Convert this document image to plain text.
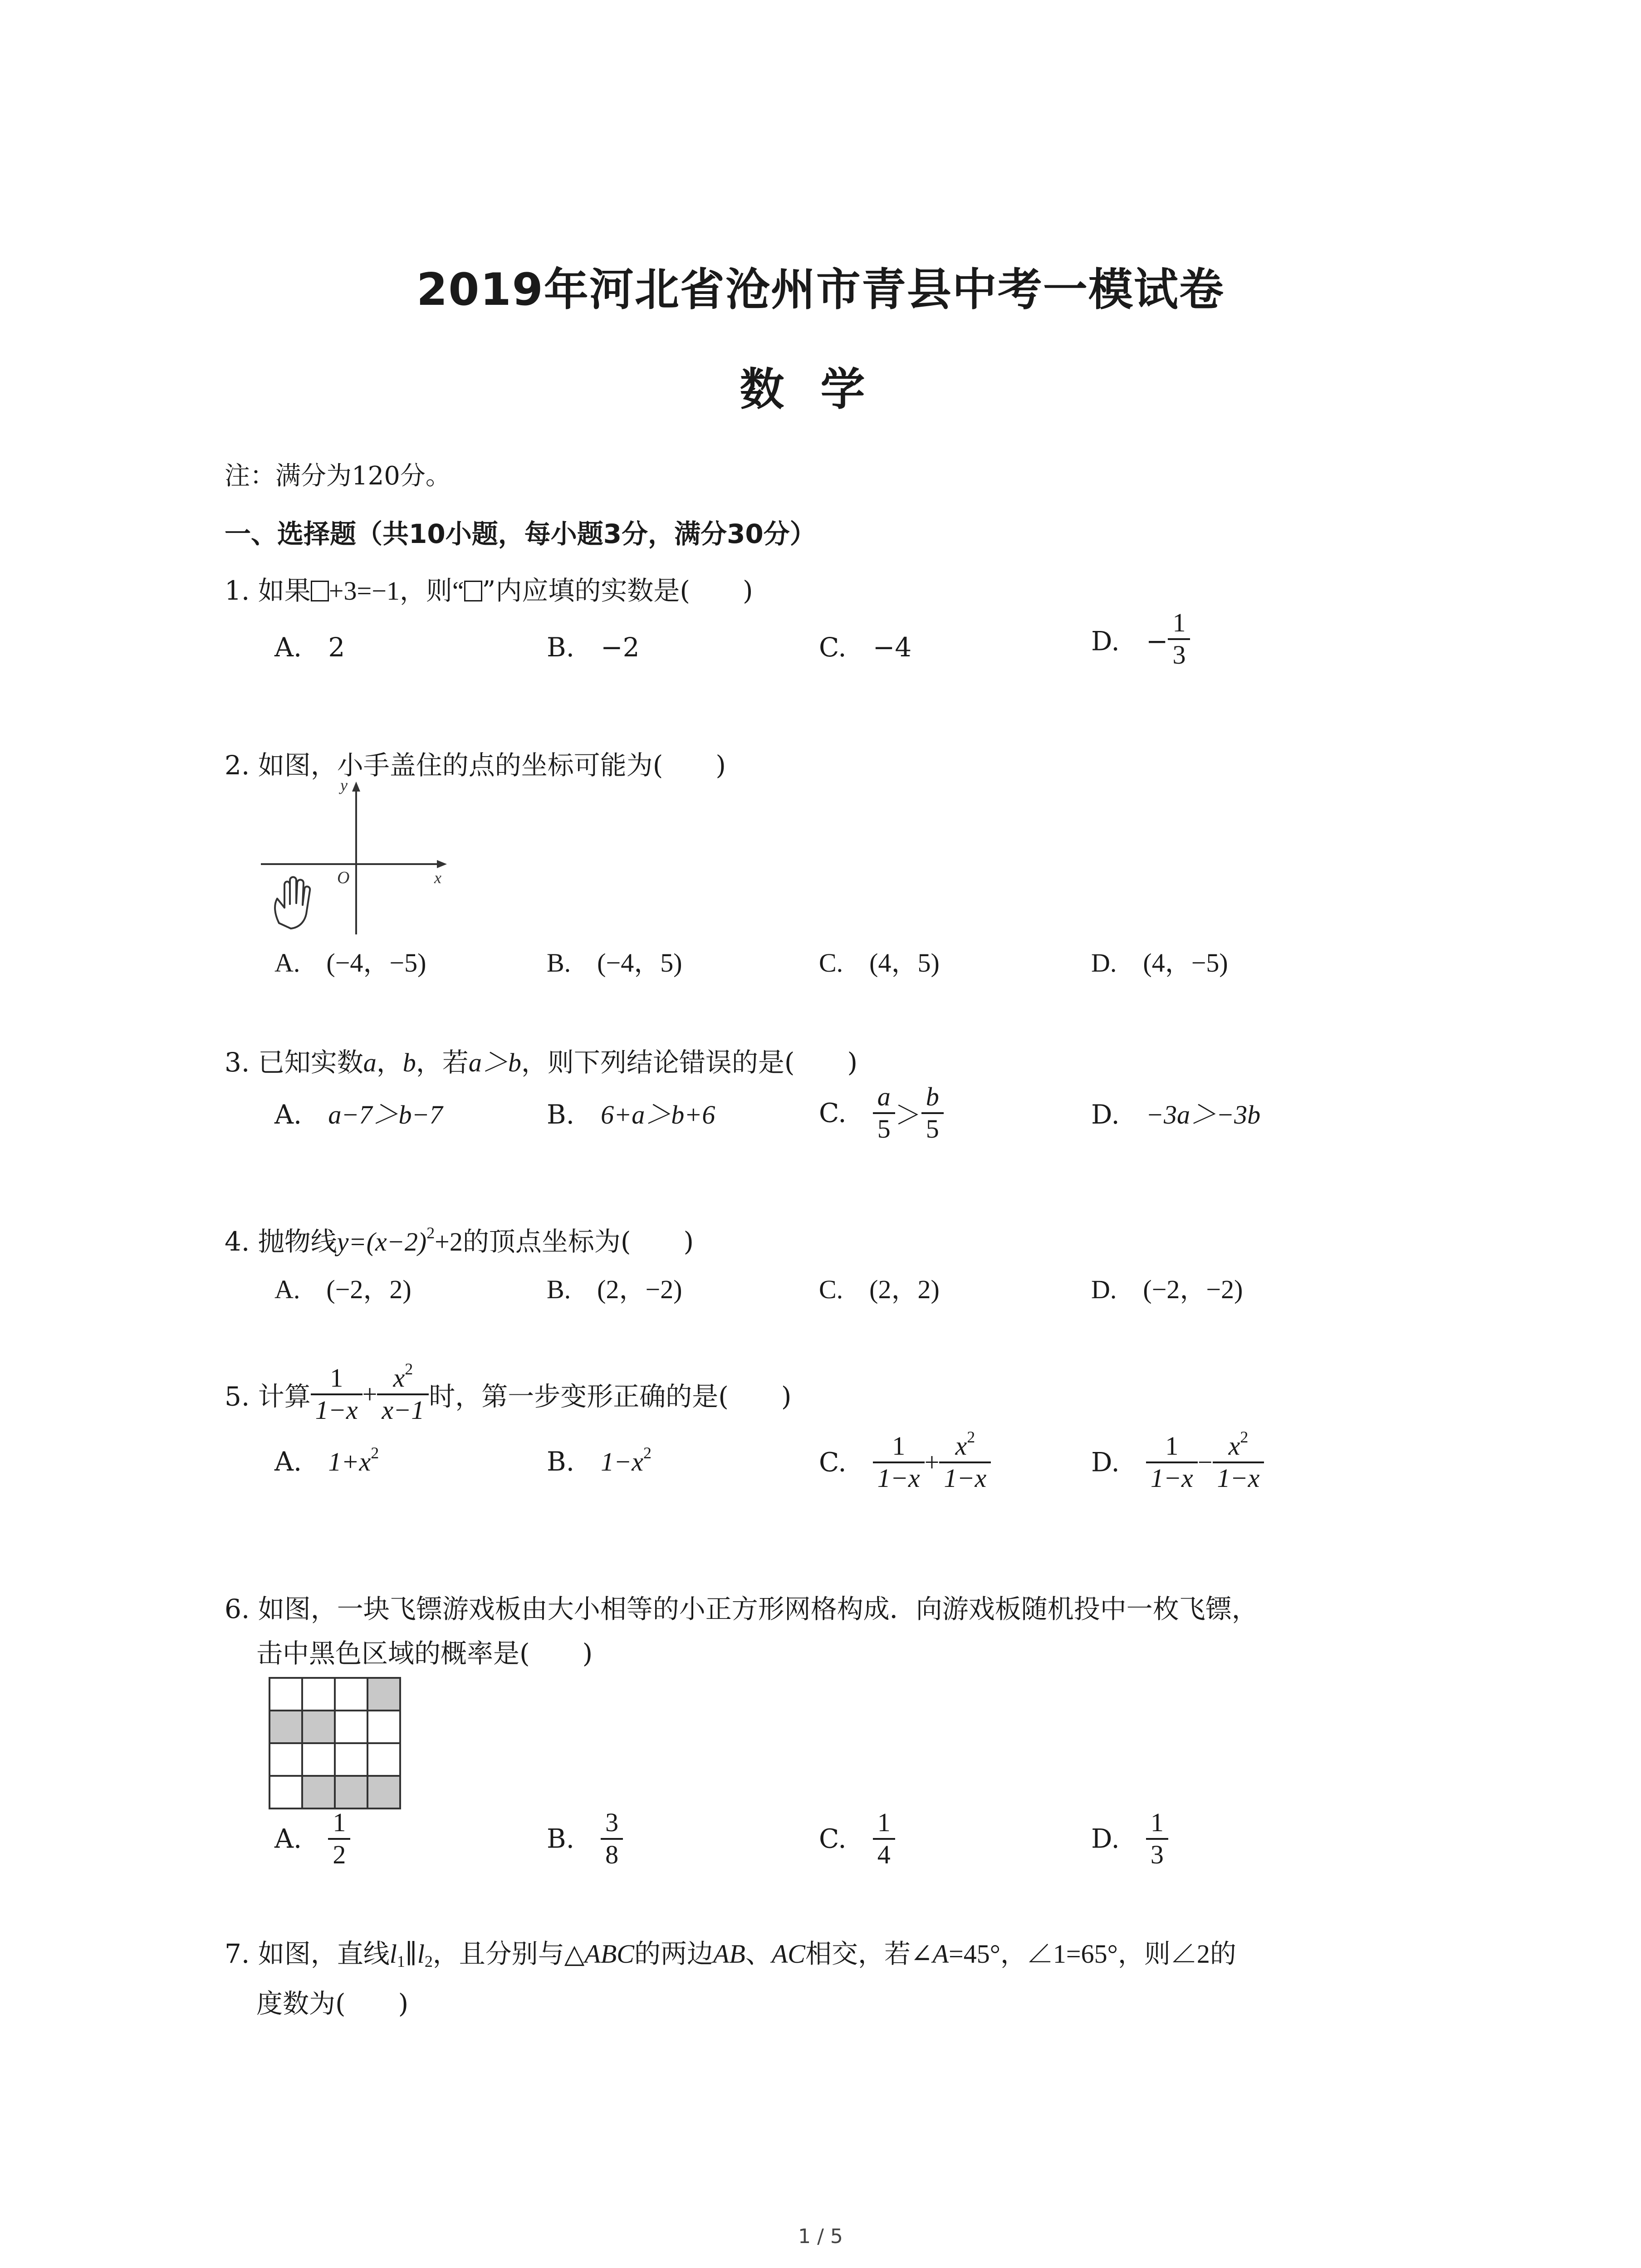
2019年河北省沧州市青县中考一模试卷
数学
注：满分为120分。
一、选择题（共10小题，每小题3分，满分30分）
1. 如果 +3=−1，则“ ”内应填的实数是(　　)
A.　2	B.　−2	C.　−4	D.　− $\frac{1}{3}$
2. 如图，小手盖住的点的坐标可能为(　　)
y
x
O
A.　(−4，−5)	B.　(−4，5)	C.　(4，5)	D.　(4，−5)
3. 已知实数a，b，若a＞b，则下列结论错误的是(　　)
A.　 a−7＞b−7	B.　 6+a＞b+6	C.　 $\frac{a}{5} > \frac{b}{5}$	D.　 −3a＞−3b
4. 抛物线$y=(x-2)^2+2$的顶点坐标为(　　)
A.　(−2，2)	B.　(2，−2)	C.　(2，2)	D.　(−2，−2)
5. 计算 $\frac{1}{1-x} + \frac{x^2}{x-1}$ 时，第一步变形正确的是(　　)
A.　 $1+x^2$	B.　 $1-x^2$	C.　 $\frac{1}{1-x} + \frac{x^2}{1-x}$	D.　 $\frac{1}{1-x} - \frac{x^2}{1-x}$
6. 如图，一块飞镖游戏板由大小相等的小正方形网格构成．向游戏板随机投中一枚飞镖，
击中黑色区域的概率是(　　)
A.　 $\frac{1}{2}$	B.　 $\frac{3}{8}$	C.　 $\frac{1}{4}$	D.　 $\frac{1}{3}$
7. 如图，直线$l_1\parallel l_2$，且分别与△ABC的两边AB、AC相交，若∠A=45°，∠1=65°，则∠2的
度数为(　　)
1 / 5
